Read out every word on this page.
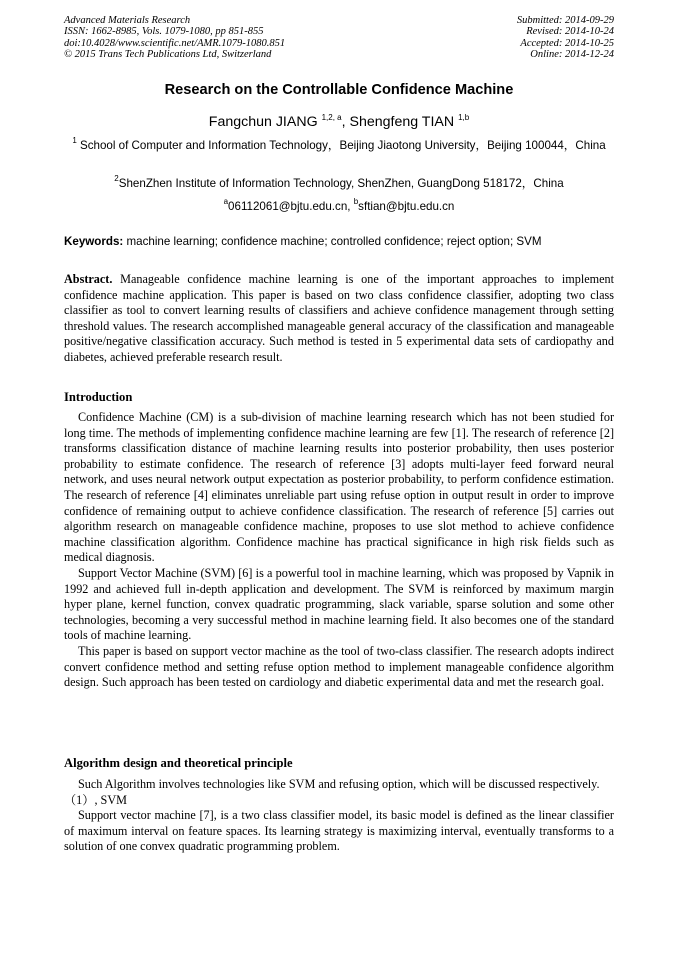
Advanced Materials Research
ISSN: 1662-8985, Vols. 1079-1080, pp 851-855
doi:10.4028/www.scientific.net/AMR.1079-1080.851
© 2015 Trans Tech Publications Ltd, Switzerland
Submitted: 2014-09-29
Revised: 2014-10-24
Accepted: 2014-10-25
Online: 2014-12-24
Research on the Controllable Confidence Machine
Fangchun JIANG $^{1,2, a}$, Shengfeng TIAN $^{1,b}$
$^1$ School of Computer and Information Technology，Beijing Jiaotong University，Beijing 100044，China
$^2$ShenZhen Institute of Information Technology, ShenZhen, GuangDong 518172，China
$^a$06112061@bjtu.edu.cn, $^b$sftian@bjtu.edu.cn
Keywords: machine learning; confidence machine; controlled confidence; reject option; SVM

Abstract. Manageable confidence machine learning is one of the important approaches to implement confidence machine application. This paper is based on two class confidence classifier, adopting two class classifier as tool to convert learning results of classifiers and achieve confidence management through setting threshold values. The research accomplished manageable general accuracy of the classification and manageable positive/negative classification accuracy. Such method is tested in 5 experimental data sets of cardiopathy and diabetes, achieved preferable research result.

Introduction

Confidence Machine (CM) is a sub-division of machine learning research which has not been studied for long time. The methods of implementing confidence machine learning are few [1]. The research of reference [2] transforms classification distance of machine learning results into posterior probability, then uses posterior probability to estimate confidence. The research of reference [3] adopts multi-layer feed forward neural network, and uses neural network output expectation as posterior probability, to perform confidence estimation. The research of reference [4] eliminates unreliable part using refuse option in output result in order to improve confidence of remaining output to achieve confidence classification. The research of reference [5] carries out algorithm research on manageable confidence machine, proposes to use slot method to achieve confidence machine classification algorithm. Confidence machine has practical significance in high risk fields such as medical diagnosis.

Support Vector Machine (SVM) [6] is a powerful tool in machine learning, which was proposed by Vapnik in 1992 and achieved full in-depth application and development. The SVM is reinforced by maximum margin hyper plane, kernel function, convex quadratic programming, slack variable, sparse solution and some other technologies, becoming a very successful method in machine learning field. It also becomes one of the standard tools of machine learning.

This paper is based on support vector machine as the tool of two-class classifier. The research adopts indirect convert confidence method and setting refuse option method to implement manageable confidence algorithm design. Such approach has been tested on cardiology and diabetic experimental data and met the research goal.

Algorithm design and theoretical principle

Such Algorithm involves technologies like SVM and refusing option, which will be discussed respectively.

（1）, SVM

Support vector machine [7], is a two class classifier model, its basic model is defined as the linear classifier of maximum interval on feature spaces. Its learning strategy is maximizing interval, eventually transforms to a solution of one convex quadratic programming problem.
